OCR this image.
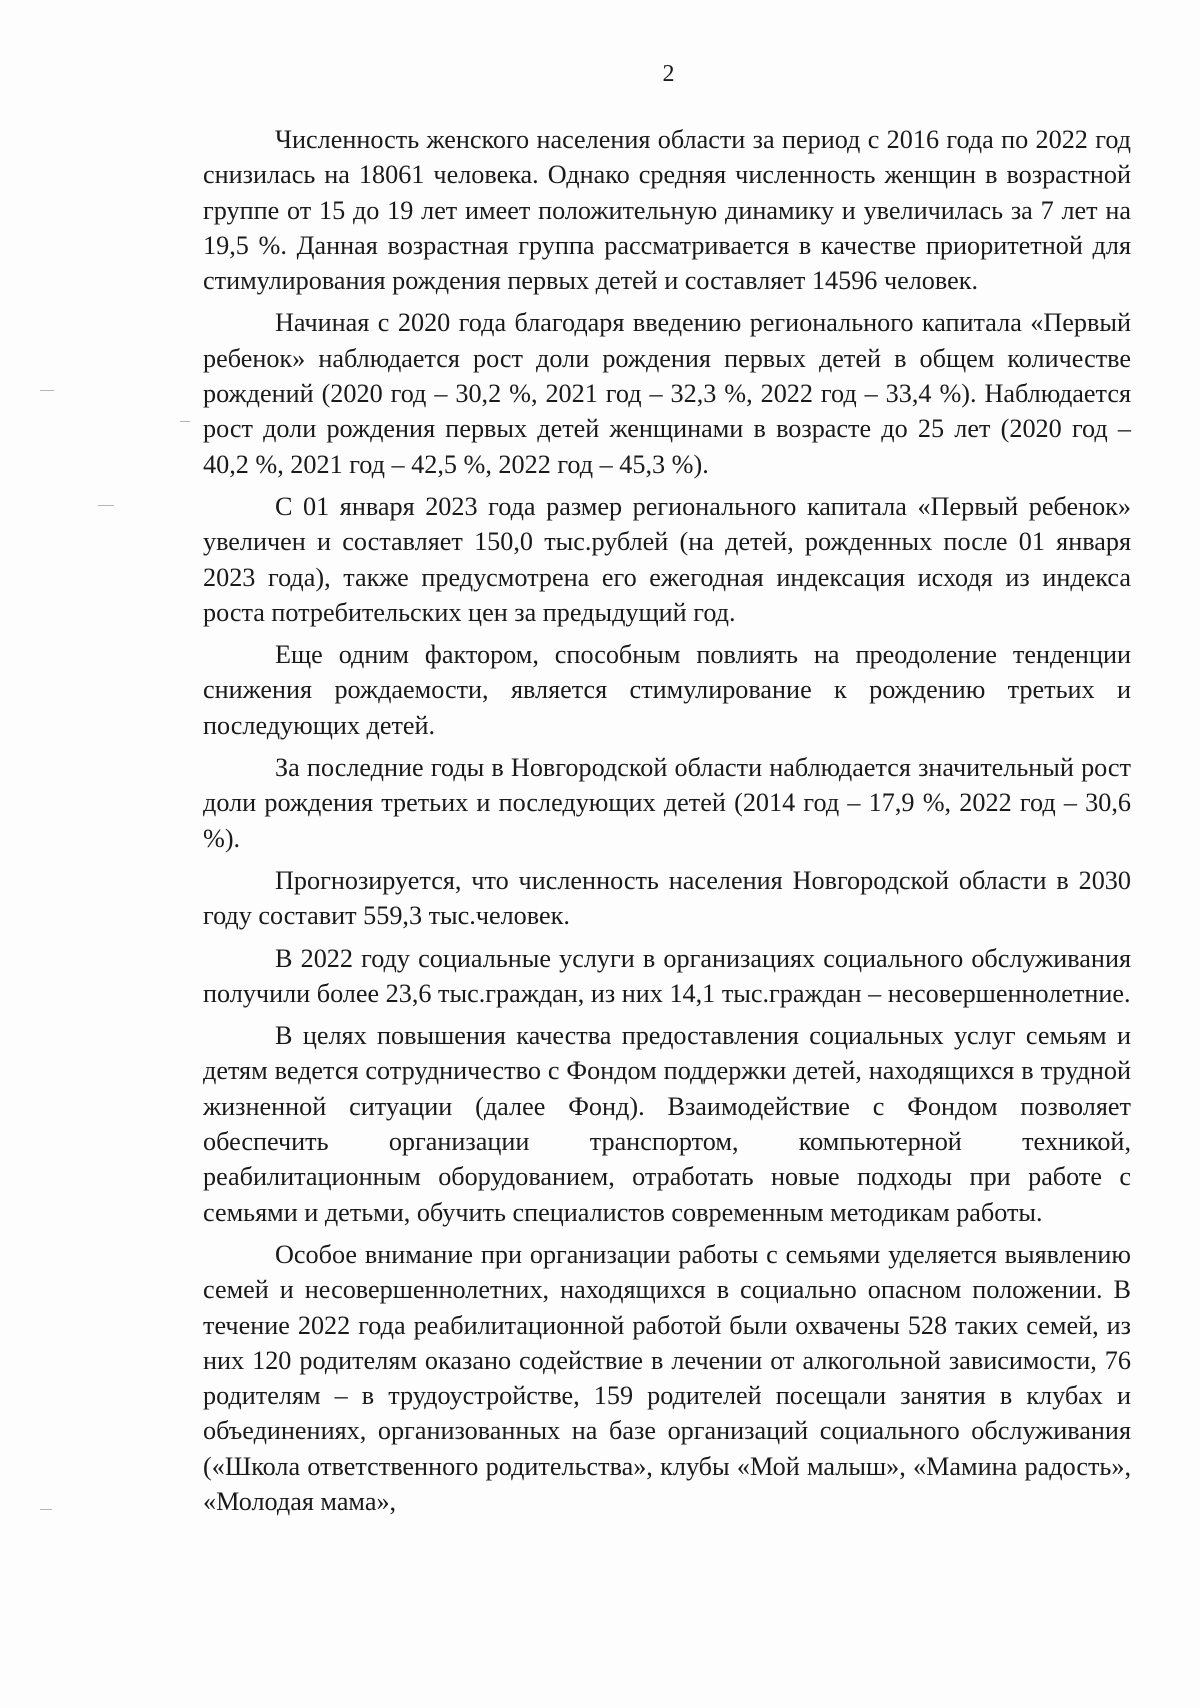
2

Численность женского населения области за период с 2016 года по 2022 год снизилась на 18061 человека. Однако средняя численность женщин в возрастной группе от 15 до 19 лет имеет положительную динамику и увеличилась за 7 лет на 19,5 %. Данная возрастная группа рассматривается в качестве приоритетной для стимулирования рождения первых детей и составляет 14596 человек.

Начиная с 2020 года благодаря введению регионального капитала «Первый ребенок» наблюдается рост доли рождения первых детей в общем количестве рождений (2020 год – 30,2 %, 2021 год – 32,3 %, 2022 год – 33,4 %). Наблюдается рост доли рождения первых детей женщинами в возрасте до 25 лет (2020 год – 40,2 %, 2021 год – 42,5 %, 2022 год – 45,3 %).

С 01 января 2023 года размер регионального капитала «Первый ребенок» увеличен и составляет 150,0 тыс.рублей (на детей, рожденных после 01 января 2023 года), также предусмотрена его ежегодная индексация исходя из индекса роста потребительских цен за предыдущий год.

Еще одним фактором, способным повлиять на преодоление тенденции снижения рождаемости, является стимулирование к рождению третьих и последующих детей.

За последние годы в Новгородской области наблюдается значительный рост доли рождения третьих и последующих детей (2014 год – 17,9 %, 2022 год – 30,6 %).

Прогнозируется, что численность населения Новгородской области в 2030 году составит 559,3 тыс.человек.

В 2022 году социальные услуги в организациях социального обслуживания получили более 23,6 тыс.граждан, из них 14,1 тыс.граждан – несовершеннолетние.

В целях повышения качества предоставления социальных услуг семьям и детям ведется сотрудничество с Фондом поддержки детей, находящихся в трудной жизненной ситуации (далее Фонд). Взаимодействие с Фондом позволяет обеспечить организации транспортом, компьютерной техникой, реабилитационным оборудованием, отработать новые подходы при работе с семьями и детьми, обучить специалистов современным методикам работы.

Особое внимание при организации работы с семьями уделяется выявлению семей и несовершеннолетних, находящихся в социально опасном положении. В течение 2022 года реабилитационной работой были охвачены 528 таких семей, из них 120 родителям оказано содействие в лечении от алкогольной зависимости, 76 родителям – в трудоустройстве, 159 родителей посещали занятия в клубах и объединениях, организованных на базе организаций социального обслуживания («Школа ответственного родительства», клубы «Мой малыш», «Мамина радость», «Молодая мама»,
